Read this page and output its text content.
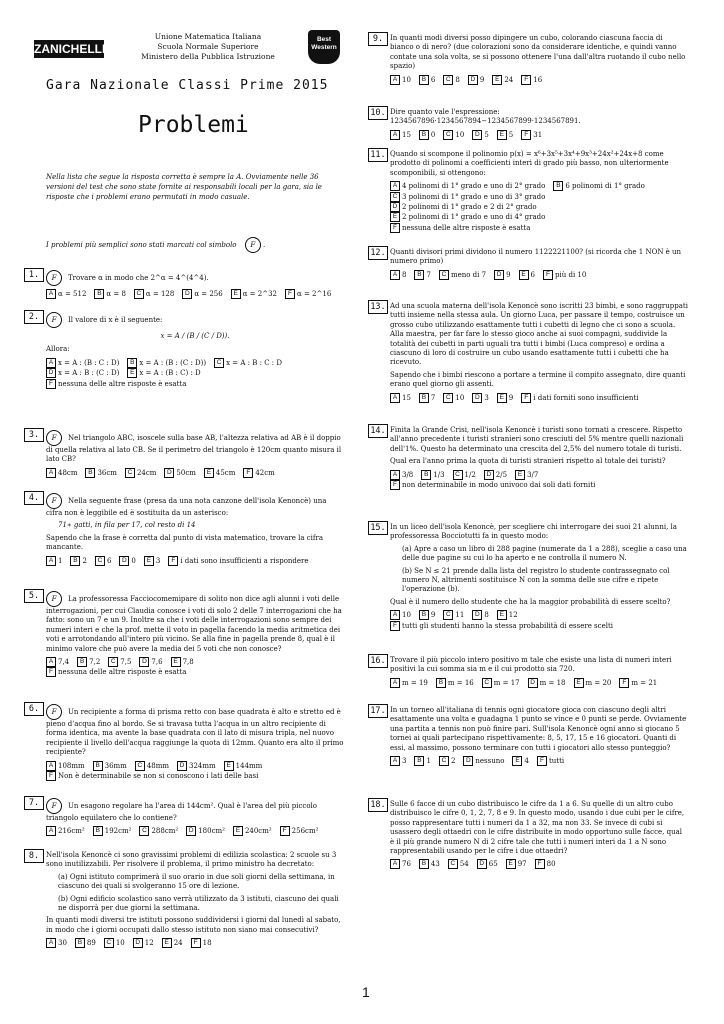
ZANICHELLI
Unione Matematica Italiana
Scuola Normale Superiore
Ministero della Pubblica Istruzione
Best Western
Gara Nazionale Classi Prime 2015
Problemi
Nella lista che segue la risposta corretta è sempre la A. Ovviamente nelle 36 versioni del test che sono state fornite ai responsabili locali per la gara, sia le risposte che i problemi erano permutati in modo casuale.
I problemi più semplici sono stati marcati col simbolo F .
1.	F Trovare α in modo che 2^α = 4^(4^4).
A α = 512 B α = 8 C α = 128 D α = 256 E α = 2^32 F α = 2^16
2.	F Il valore di x è il seguente:
x = A / (B / (C / D)).
Allora:
A x = A : (B : C : D) B x = A : (B : (C : D)) C x = A : B : C : DD x = A : B : (C : D) E x = A : (B : C) : DF nessuna delle altre risposte è esatta
3.	F Nel triangolo ABC, isoscele sulla base AB, l'altezza relativa ad AB è il doppio di quella relativa al lato CB. Se il perimetro del triangolo è 120cm quanto misura il lato CB?
A 48cm B 36cm C 24cm D 50cm E 45cm F 42cm
4.	F Nella seguente frase (presa da una nota canzone dell'isola Kenoncè) una cifra non è leggibile ed è sostituita da un asterisco:
71∗ gatti, in fila per 17, col resto di 14
Sapendo che la frase è corretta dal punto di vista matematico, trovare la cifra mancante.
A 1 B 2 C 6 D 0 E 3 F i dati sono insufficienti a rispondere
5.	F La professoressa Facciocomemipare di solito non dice agli alunni i voti delle interrogazioni, per cui Claudia conosce i voti di solo 2 delle 7 interrogazioni che ha fatto: sono un 7 e un 9. Inoltre sa che i voti delle interrogazioni sono sempre dei numeri interi e che la prof. mette il voto in pagella facendo la media aritmetica dei voti e arrotondando all'intero più vicino. Se alla fine in pagella prende 8, qual è il minimo valore che può avere la media dei 5 voti che non conosce?
A 7,4 B 7,2 C 7,5 D 7,6 E 7,8F nessuna delle altre risposte è esatta
6.	F Un recipiente a forma di prisma retto con base quadrata è alto e stretto ed è pieno d'acqua fino al bordo. Se si travasa tutta l'acqua in un altro recipiente di forma identica, ma avente la base quadrata con il lato di misura tripla, nel nuovo recipiente il livello dell'acqua raggiunge la quota di 12mm. Quanto era alto il primo recipiente?
A 108mm B 36mm C 48mm D 324mm E 144mmF Non è determinabile se non si conoscono i lati delle basi
7.	F Un esagono regolare ha l'area di 144cm². Qual è l'area del più piccolo triangolo equilatero che lo contiene?
A 216cm² B 192cm² C 288cm² D 180cm² E 240cm² F 256cm²
8. Nell'isola Kenoncè ci sono gravissimi problemi di edilizia scolastica: 2 scuole su 3 sono inutilizzabili. Per risolvere il problema, il primo ministro ha decretato:
(a) Ogni istituto comprimerà il suo orario in due soli giorni della settimana, in ciascuno dei quali si svolgeranno 15 ore di lezione.
(b) Ogni edificio scolastico sano verrà utilizzato da 3 istituti, ciascuno dei quali ne disporrà per due giorni la settimana.
In quanti modi diversi tre istituti possono suddividersi i giorni dal lunedì al sabato, in modo che i giorni occupati dallo stesso istituto non siano mai consecutivi?
A 30 B 89 C 10 D 12 E 24 F 18
9. In quanti modi diversi posso dipingere un cubo, colorando ciascuna faccia di bianco o di nero? (due colorazioni sono da considerare identiche, e quindi vanno contate una sola volta, se si possono ottenere l'una dall'altra ruotando il cubo nello spazio)
A 10 B 6 C 8 D 9 E 24 F 16
10. Dire quanto vale l'espressione: 1234567896·1234567894−1234567899·1234567891.
A 15 B 0 C 10 D 5 E 5 F 31
11. Quando si scompone il polinomio p(x) = x⁶+3x⁵+3x⁴+9x³+24x²+24x+8 come prodotto di polinomi a coefficienti interi di grado più basso, non ulteriormente scomponibili, si ottengono:
A 4 polinomi di 1° grado e uno di 2° grado B 6 polinomi di 1° gradoC 3 polinomi di 1° grado e uno di 3° gradoD 2 polinomi di 1° grado e 2 di 2° gradoE 2 polinomi di 1° grado e uno di 4° gradoF nessuna delle altre risposte è esatta
12. Quanti divisori primi dividono il numero 1122221100? (si ricorda che 1 NON è un numero primo)
A 8 B 7 C meno di 7 D 9 E 6 F più di 10
13. Ad una scuola materna dell'isola Kenoncè sono iscritti 23 bimbi, e sono raggruppati tutti insieme nella stessa aula. Un giorno Luca, per passare il tempo, costruisce un grosso cubo utilizzando esattamente tutti i cubetti di legno che ci sono a scuola. Alla maestra, per far fare lo stesso gioco anche ai suoi compagni, suddivide la totalità dei cubetti in parti uguali tra tutti i bimbi (Luca compreso) e ordina a ciascuno di loro di costruire un cubo usando esattamente tutti i cubetti che ha ricevuto.
Sapendo che i bimbi riescono a portare a termine il compito assegnato, dire quanti erano quel giorno gli assenti.
A 15 B 7 C 10 D 3 E 9 F i dati forniti sono insufficienti
14. Finita la Grande Crisi, nell'isola Kenoncè i turisti sono tornati a crescere. Rispetto all'anno precedente i turisti stranieri sono cresciuti del 5% mentre quelli nazionali dell'1%. Questo ha determinato una crescita del 2,5% del numero totale di turisti.
Qual era l'anno prima la quota di turisti stranieri rispetto al totale dei turisti?
A 3/8 B 1/3 C 1/2 D 2/5 E 3/7F non determinabile in modo univoco dai soli dati forniti
15. In un liceo dell'isola Kenoncè, per scegliere chi interrogare dei suoi 21 alunni, la professoressa Bocciotutti fa in questo modo:
(a) Apre a caso un libro di 288 pagine (numerate da 1 a 288), sceglie a caso una delle due pagine su cui lo ha aperto e ne controlla il numero N.
(b) Se N ≤ 21 prende dalla lista del registro lo studente contrassegnato col numero N, altrimenti sostituisce N con la somma delle sue cifre e ripete l'operazione (b).
Qual è il numero dello studente che ha la maggior probabilità di essere scelto?
A 10 B 9 C 11 D 8 E 12F tutti gli studenti hanno la stessa probabilità di essere scelti
16. Trovare il più piccolo intero positivo m tale che esiste una lista di numeri interi positivi la cui somma sia m e il cui prodotto sia 720.
A m = 19 B m = 16 C m = 17 D m = 18 E m = 20 F m = 21
17. In un torneo all'italiana di tennis ogni giocatore gioca con ciascuno degli altri esattamente una volta e guadagna 1 punto se vince e 0 punti se perde. Ovviamente una partita a tennis non può finire pari. Sull'isola Kenoncè ogni anno si giocano 5 tornei ai quali partecipano rispettivamente: 8, 5, 17, 15 e 16 giocatori. Quanti di essi, al massimo, possono terminare con tutti i giocatori allo stesso punteggio?
A 3 B 1 C 2 D nessuno E 4 F tutti
18. Sulle 6 facce di un cubo distribuisco le cifre da 1 a 6. Su quelle di un altro cubo distribuisco le cifre 0, 1, 2, 7, 8 e 9. In questo modo, usando i due cubi per le cifre, posso rappresentare tutti i numeri da 1 a 32, ma non 33. Se invece di cubi si usassero degli ottaedri con le cifre distribuite in modo opportuno sulle facce, qual è il più grande numero N di 2 cifre tale che tutti i numeri interi da 1 a N sono rappresentabili usando per le cifre i due ottaedri?
A 76 B 43 C 54 D 65 E 97 F 80
1
